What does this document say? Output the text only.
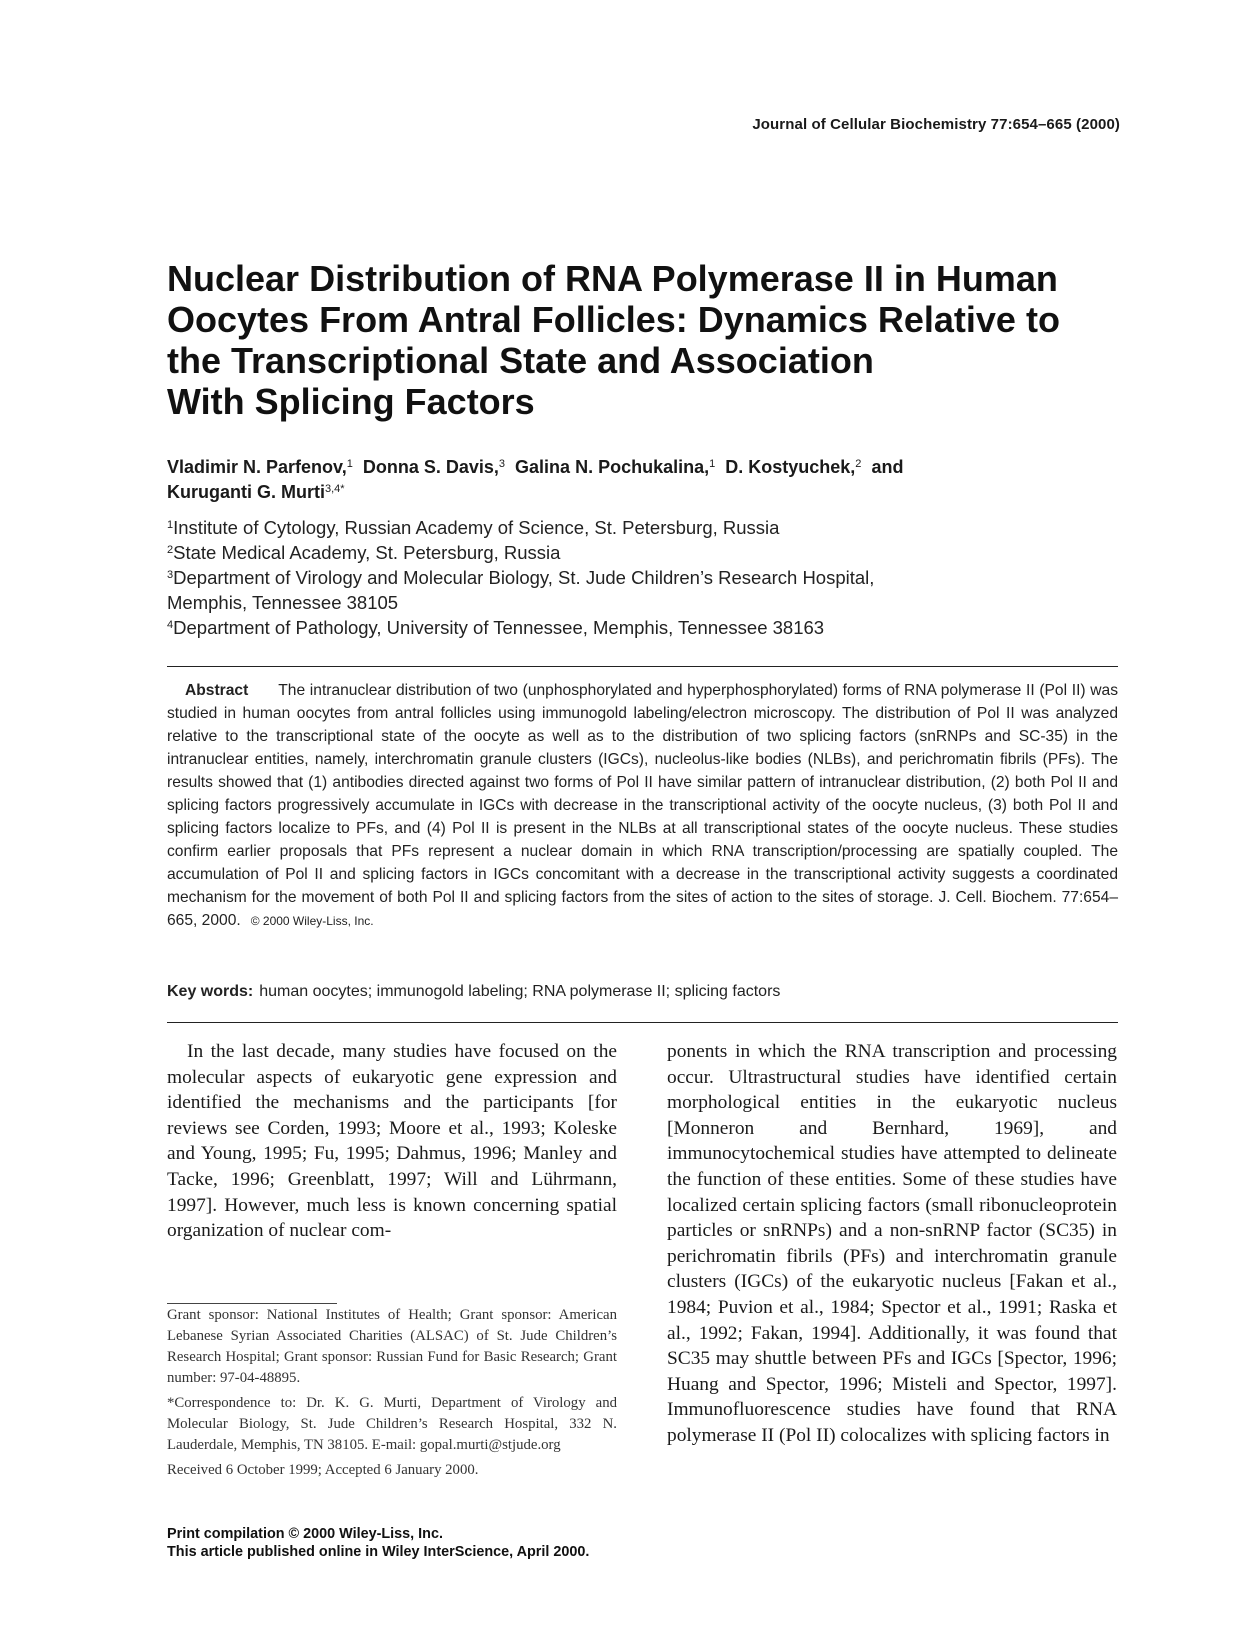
Journal of Cellular Biochemistry 77:654–665 (2000)
Nuclear Distribution of RNA Polymerase II in Human
Oocytes From Antral Follicles: Dynamics Relative to
the Transcriptional State and Association
With Splicing Factors
Vladimir N. Parfenov,$^1$ Donna S. Davis,$^3$ Galina N. Pochukalina,$^1$ D. Kostyuchek,$^2$ and
Kuruganti G. Murti$^{3,4*}$
$^1$Institute of Cytology, Russian Academy of Science, St. Petersburg, Russia
$^2$State Medical Academy, St. Petersburg, Russia
$^3$Department of Virology and Molecular Biology, St. Jude Children’s Research Hospital,
Memphis, Tennessee 38105
$^4$Department of Pathology, University of Tennessee, Memphis, Tennessee 38163
Abstract The intranuclear distribution of two (unphosphorylated and hyperphosphorylated) forms of RNA polymerase II (Pol II) was studied in human oocytes from antral follicles using immunogold labeling/electron microscopy. The distribution of Pol II was analyzed relative to the transcriptional state of the oocyte as well as to the distribution of two splicing factors (snRNPs and SC-35) in the intranuclear entities, namely, interchromatin granule clusters (IGCs), nucleolus-like bodies (NLBs), and perichromatin fibrils (PFs). The results showed that (1) antibodies directed against two forms of Pol II have similar pattern of intranuclear distribution, (2) both Pol II and splicing factors progressively accumulate in IGCs with decrease in the transcriptional activity of the oocyte nucleus, (3) both Pol II and splicing factors localize to PFs, and (4) Pol II is present in the NLBs at all transcriptional states of the oocyte nucleus. These studies confirm earlier proposals that PFs represent a nuclear domain in which RNA transcription/processing are spatially coupled. The accumulation of Pol II and splicing factors in IGCs concomitant with a decrease in the transcriptional activity suggests a coordinated mechanism for the movement of both Pol II and splicing factors from the sites of action to the sites of storage. J. Cell. Biochem. 77:654–665, 2000. © 2000 Wiley-Liss, Inc.
Key words: human oocytes; immunogold labeling; RNA polymerase II; splicing factors
In the last decade, many studies have focused on the molecular aspects of eukaryotic gene expression and identified the mechanisms and the participants [for reviews see Corden, 1993; Moore et al., 1993; Koleske and Young, 1995; Fu, 1995; Dahmus, 1996; Manley and Tacke, 1996; Greenblatt, 1997; Will and Lührmann, 1997]. However, much less is known concerning spatial organization of nuclear com-
ponents in which the RNA transcription and processing occur. Ultrastructural studies have identified certain morphological entities in the eukaryotic nucleus [Monneron and Bernhard, 1969], and immunocytochemical studies have attempted to delineate the function of these entities. Some of these studies have localized certain splicing factors (small ribonucleoprotein particles or snRNPs) and a non-snRNP factor (SC35) in perichromatin fibrils (PFs) and interchromatin granule clusters (IGCs) of the eukaryotic nucleus [Fakan et al., 1984; Puvion et al., 1984; Spector et al., 1991; Raska et al., 1992; Fakan, 1994]. Additionally, it was found that SC35 may shuttle between PFs and IGCs [Spector, 1996; Huang and Spector, 1996; Misteli and Spector, 1997]. Immunofluorescence studies have found that RNA polymerase II (Pol II) colocalizes with splicing factors in

Grant sponsor: National Institutes of Health; Grant sponsor: American Lebanese Syrian Associated Charities (ALSAC) of St. Jude Children’s Research Hospital; Grant sponsor: Russian Fund for Basic Research; Grant number: 97-04-48895.

*Correspondence to: Dr. K. G. Murti, Department of Virology and Molecular Biology, St. Jude Children’s Research Hospital, 332 N. Lauderdale, Memphis, TN 38105. E-mail: gopal.murti@stjude.org

Received 6 October 1999; Accepted 6 January 2000.

Print compilation © 2000 Wiley-Liss, Inc.
This article published online in Wiley InterScience, April 2000.
